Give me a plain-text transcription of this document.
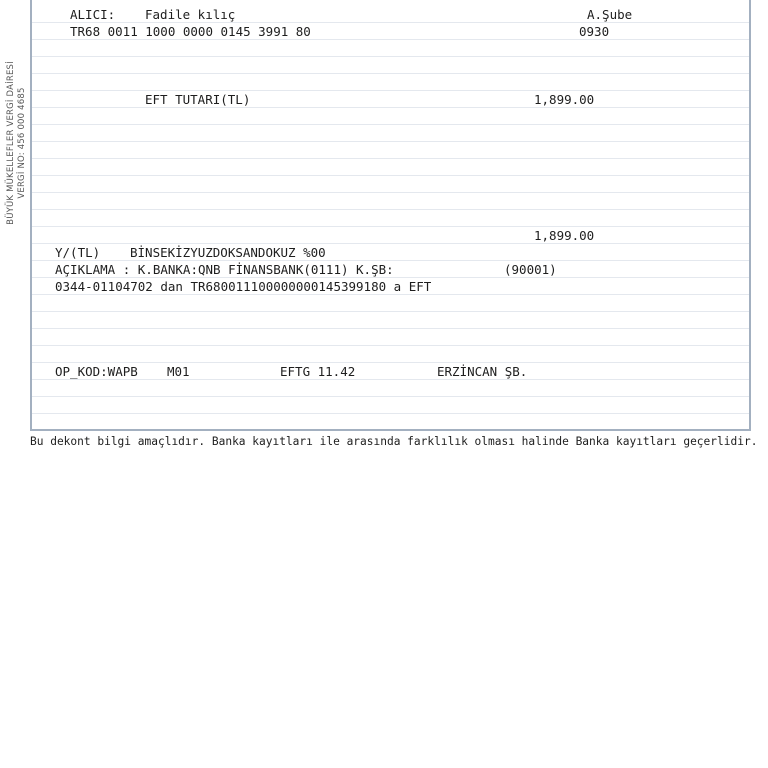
BÜYÜK MÜKELLEFLER VERGİ DAİRESİ VERGİ NO: 456 000 4685
ALICI: Fadile kılıç	A.Şube
TR68 0011 1000 0000 0145 3991 80	0930
EFT TUTARI(TL)	1,899.00
1,899.00
Y/(TL) BİNSEKİZYUZDOKSANDOKUZ %00
AÇIKLAMA : K.BANKA:QNB FİNANSBANK(0111) K.ŞB:	(90001)
0344-01104702 dan TR680011100000000145399180 a EFT
OP_KOD:WAPB M01	EFTG 11.42	ERZİNCAN ŞB.
Bu dekont bilgi amaçlıdır. Banka kayıtları ile arasında farklılık olması halinde Banka kayıtları geçerlidir.
